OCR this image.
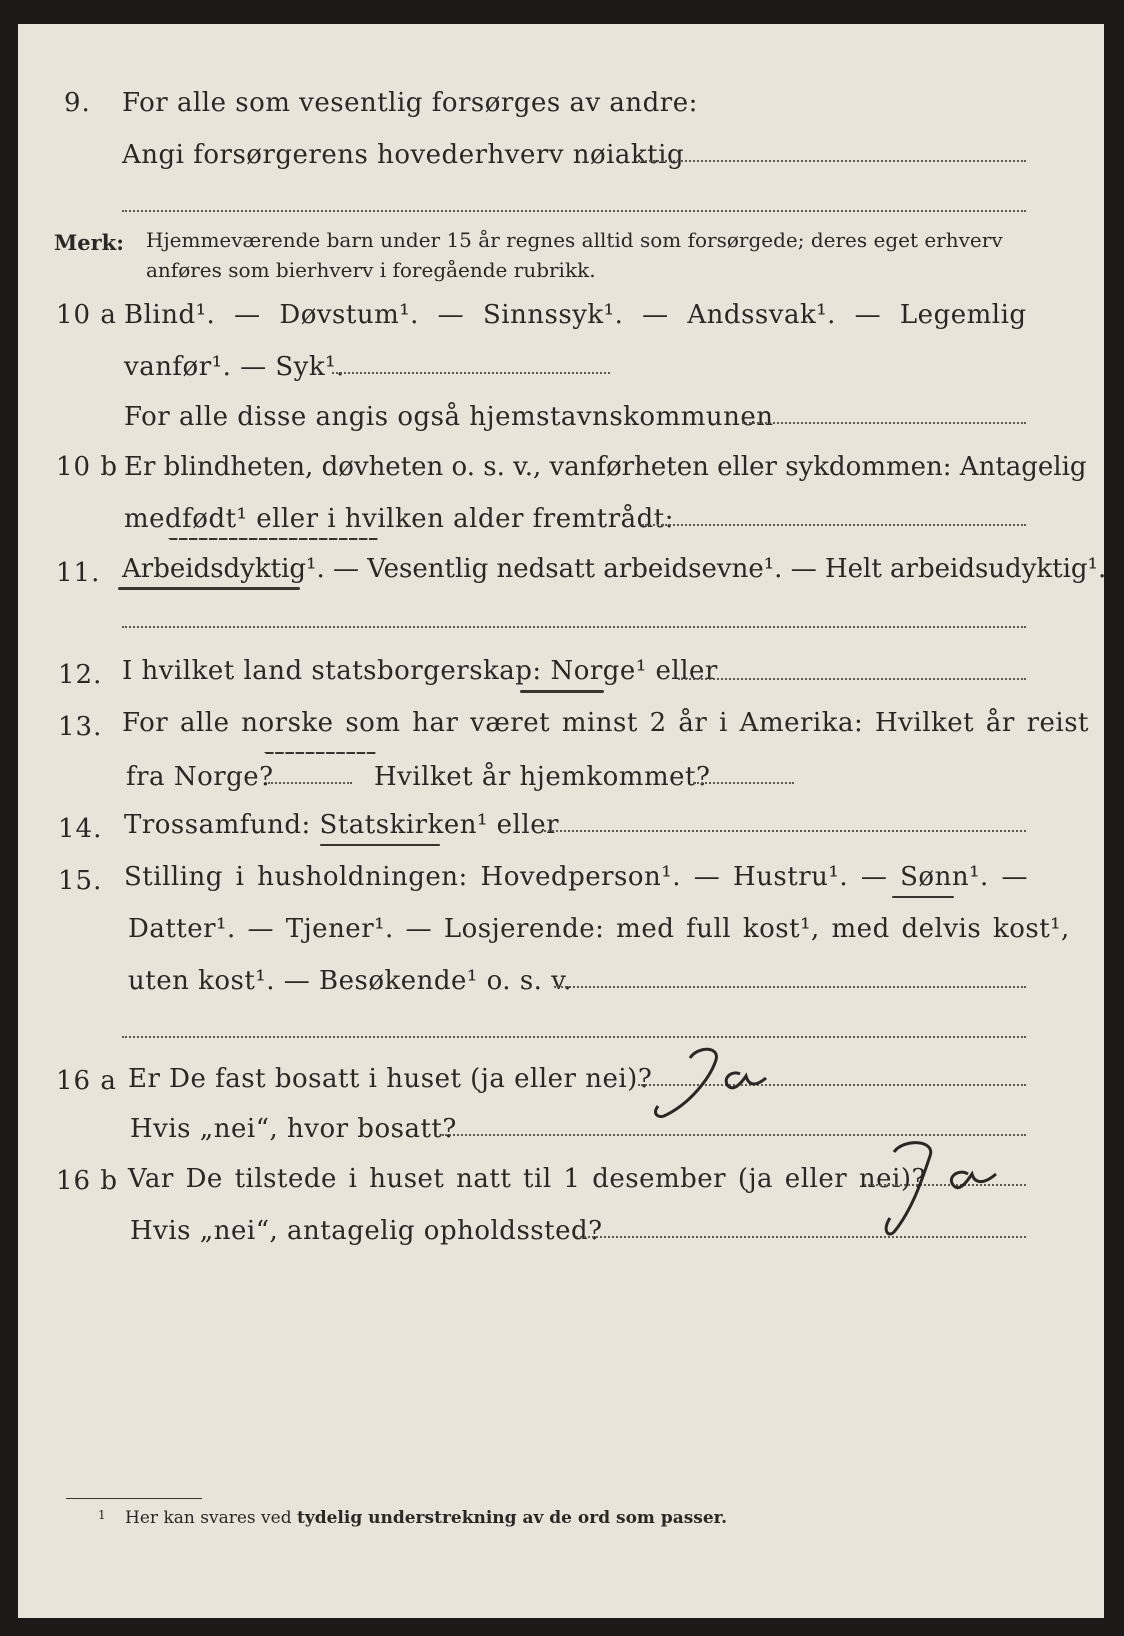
9. For alle som vesentlig forsørges av andre:
Angi forsørgerens hovederhverv nøiaktig
Merk: Hjemmeværende barn under 15 år regnes alltid som forsørgede; deres eget erhverv
anføres som bierhverv i foregående rubrikk.
10 a Blind¹. — Døvstum¹. — Sinnssyk¹. — Andssvak¹. — Legemlig
vanfør¹. — Syk¹.
For alle disse angis også hjemstavnskommunen
10 b Er blindheten, døvheten o. s. v., vanførheten eller sykdommen: Antagelig
medfødt¹ eller i hvilken alder fremtrådt:
11. Arbeidsdyktig¹. — Vesentlig nedsatt arbeidsevne¹. — Helt arbeidsudyktig¹.
12. I hvilket land statsborgerskap: Norge¹ eller
13. For alle norske som har været minst 2 år i Amerika: Hvilket år reist
fra Norge?	Hvilket år hjemkommet?
14. Trossamfund: Statskirken¹ eller
15. Stilling i husholdningen: Hovedperson¹. — Hustru¹. — Sønn¹. —
Datter¹. — Tjener¹. — Losjerende: med full kost¹, med delvis kost¹,
uten kost¹. — Besøkende¹ o. s. v.
16 a Er De fast bosatt i huset (ja eller nei)?
Hvis „nei“, hvor bosatt?
16 b Var De tilstede i huset natt til 1 desember (ja eller nei)?
Hvis „nei“, antagelig opholdssted?
$^1$ Her kan svares ved tydelig understrekning av de ord som passer.
